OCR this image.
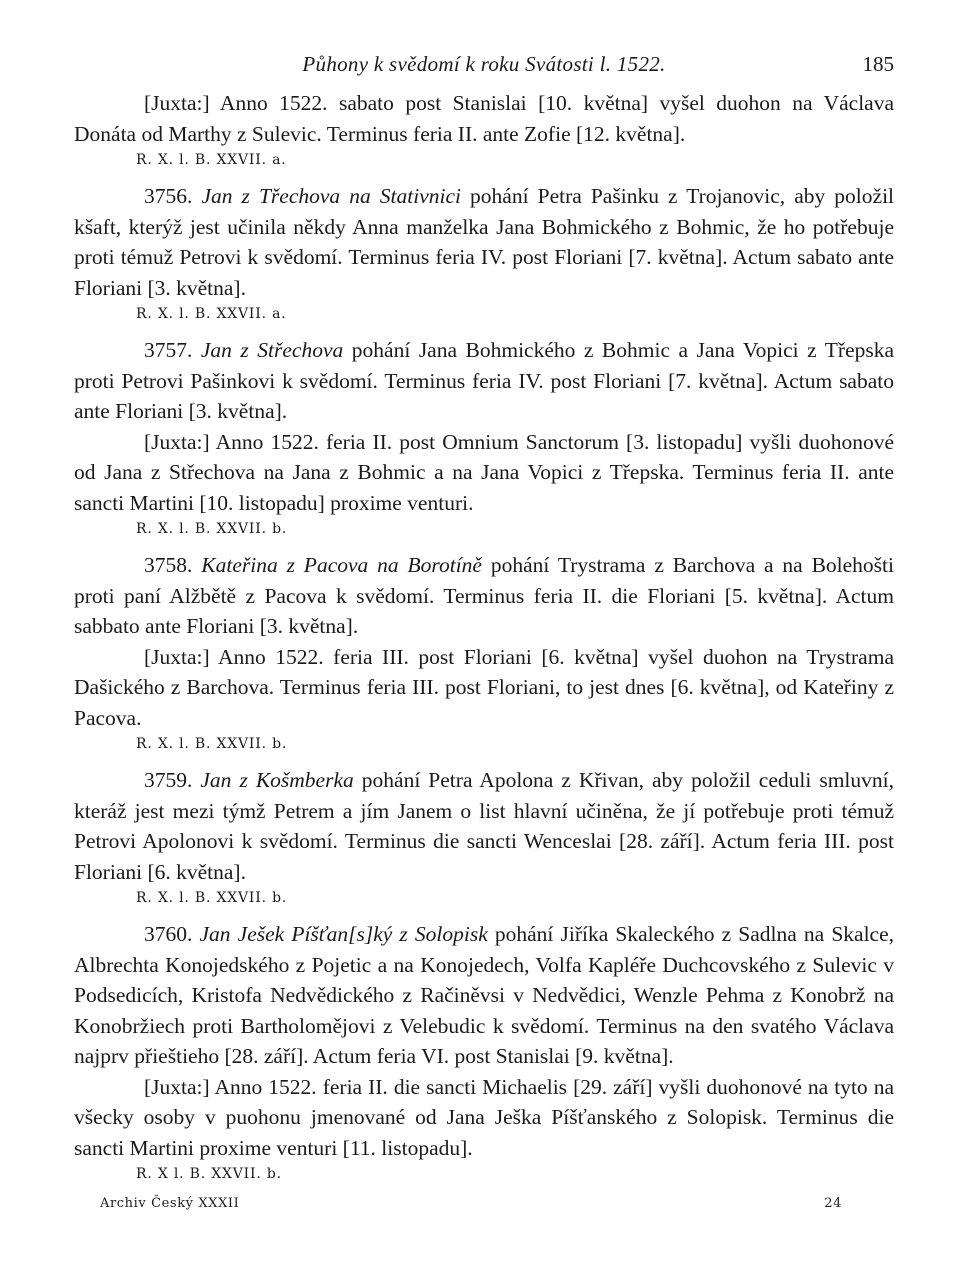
Půhony k svědomí k roku Svátosti l. 1522.	185

[Juxta:] Anno 1522. sabato post Stanislai [10. května] vyšel duohon na Václava Donáta od Marthy z Sulevic. Terminus feria II. ante Zofie [12. května].

R. X. l. B. XXVII. a.

3756. Jan z Třechova na Stativnici pohání Petra Pašinku z Trojanovic, aby položil kšaft, kterýž jest učinila někdy Anna manželka Jana Bohmického z Bohmic, že ho potřebuje proti témuž Petrovi k svědomí. Terminus feria IV. post Floriani [7. května]. Actum sabato ante Floriani [3. května].

R. X. l. B. XXVII. a.

3757. Jan z Střechova pohání Jana Bohmického z Bohmic a Jana Vopici z Třepska proti Petrovi Pašinkovi k svědomí. Terminus feria IV. post Floriani [7. května]. Actum sabato ante Floriani [3. května].

[Juxta:] Anno 1522. feria II. post Omnium Sanctorum [3. listopadu] vyšli duohonové od Jana z Střechova na Jana z Bohmic a na Jana Vopici z Třepska. Terminus feria II. ante sancti Martini [10. listopadu] proxime venturi.

R. X. l. B. XXVII. b.

3758. Kateřina z Pacova na Borotíně pohání Trystrama z Barchova a na Bolehošti proti paní Alžbětě z Pacova k svědomí. Terminus feria II. die Floriani [5. května]. Actum sabbato ante Floriani [3. května].

[Juxta:] Anno 1522. feria III. post Floriani [6. května] vyšel duohon na Trystrama Dašického z Barchova. Terminus feria III. post Floriani, to jest dnes [6. května], od Kateřiny z Pacova.

R. X. l. B. XXVII. b.

3759. Jan z Košmberka pohání Petra Apolona z Křivan, aby položil ceduli smluvní, kteráž jest mezi týmž Petrem a jím Janem o list hlavní učiněna, že jí potřebuje proti témuž Petrovi Apolonovi k svědomí. Terminus die sancti Wenceslai [28. září]. Actum feria III. post Floriani [6. května].

R. X. l. B. XXVII. b.

3760. Jan Ješek Píšťan[s]ký z Solopisk pohání Jiříka Skaleckého z Sadlna na Skalce, Albrechta Konojedského z Pojetic a na Konojedech, Volfa Kapléře Duchcovského z Sulevic v Podsedicích, Kristofa Nedvědického z Račiněvsi v Nedvědici, Wenzle Pehma z Konobrž na Konobržiech proti Bartholomějovi z Velebudic k svědomí. Terminus na den svatého Václava najprv přieštieho [28. září]. Actum feria VI. post Stanislai [9. května].

[Juxta:] Anno 1522. feria II. die sancti Michaelis [29. září] vyšli duohonové na tyto na všecky osoby v puohonu jmenované od Jana Ješka Píšťanského z Solopisk. Terminus die sancti Martini proxime venturi [11. listopadu].

R. X l. B. XXVII. b.
Archiv Český XXXII	24
